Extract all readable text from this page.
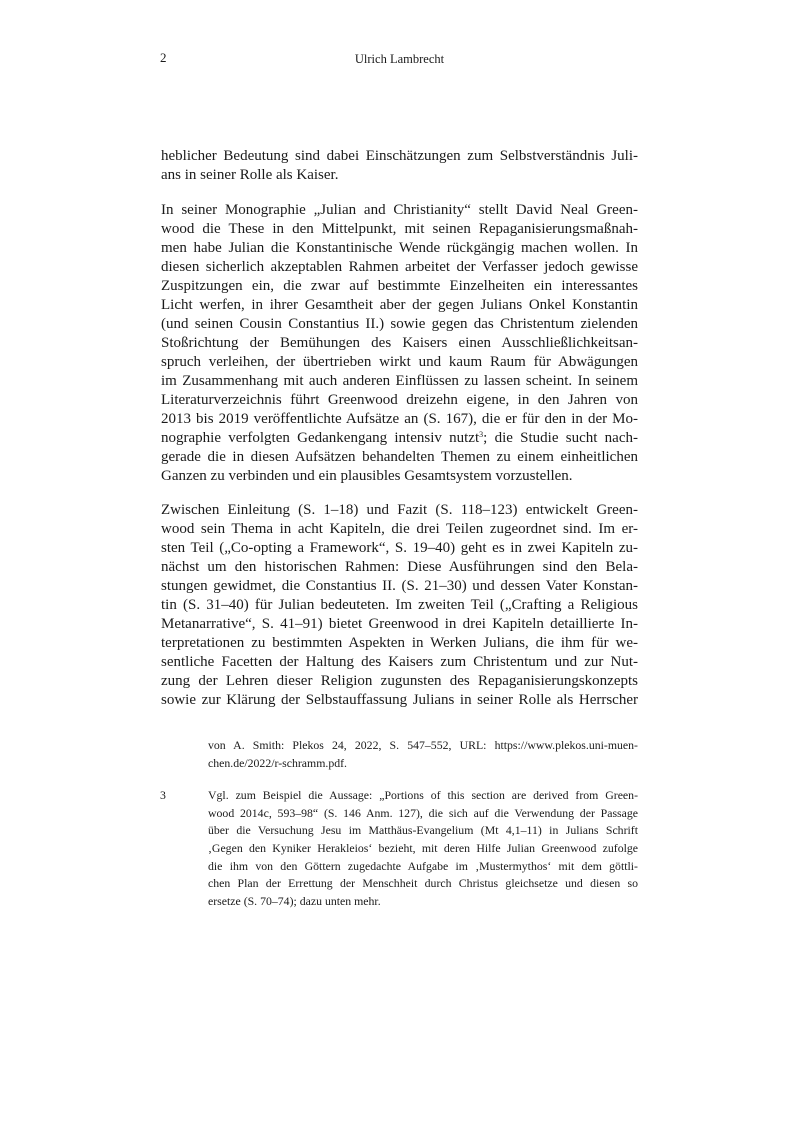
2	Ulrich Lambrecht
heblicher Bedeutung sind dabei Einschätzungen zum Selbstverständnis Juli-
ans in seiner Rolle als Kaiser.
In seiner Monographie „Julian and Christianity“ stellt David Neal Green-
wood die These in den Mittelpunkt, mit seinen Repaganisierungsmaßnah-
men habe Julian die Konstantinische Wende rückgängig machen wollen. In
diesen sicherlich akzeptablen Rahmen arbeitet der Verfasser jedoch gewisse
Zuspitzungen ein, die zwar auf bestimmte Einzelheiten ein interessantes
Licht werfen, in ihrer Gesamtheit aber der gegen Julians Onkel Konstantin
(und seinen Cousin Constantius II.) sowie gegen das Christentum zielenden
Stoßrichtung der Bemühungen des Kaisers einen Ausschließlichkeitsan-
spruch verleihen, der übertrieben wirkt und kaum Raum für Abwägungen
im Zusammenhang mit auch anderen Einflüssen zu lassen scheint. In seinem
Literaturverzeichnis führt Greenwood dreizehn eigene, in den Jahren von
2013 bis 2019 veröffentlichte Aufsätze an (S. 167), die er für den in der Mo-
nographie verfolgten Gedankengang intensiv nutzt$^3$; die Studie sucht nach-
gerade die in diesen Aufsätzen behandelten Themen zu einem einheitlichen
Ganzen zu verbinden und ein plausibles Gesamtsystem vorzustellen.
Zwischen Einleitung (S. 1–18) und Fazit (S. 118–123) entwickelt Green-
wood sein Thema in acht Kapiteln, die drei Teilen zugeordnet sind. Im er-
sten Teil („Co-opting a Framework“, S. 19–40) geht es in zwei Kapiteln zu-
nächst um den historischen Rahmen: Diese Ausführungen sind den Bela-
stungen gewidmet, die Constantius II. (S. 21–30) und dessen Vater Konstan-
tin (S. 31–40) für Julian bedeuteten. Im zweiten Teil („Crafting a Religious
Metanarrative“, S. 41–91) bietet Greenwood in drei Kapiteln detaillierte In-
terpretationen zu bestimmten Aspekten in Werken Julians, die ihm für we-
sentliche Facetten der Haltung des Kaisers zum Christentum und zur Nut-
zung der Lehren dieser Religion zugunsten des Repaganisierungskonzepts
sowie zur Klärung der Selbstauffassung Julians in seiner Rolle als Herrscher
von A. Smith: Plekos 24, 2022, S. 547–552, URL: https://www.plekos.uni-muen-
chen.de/2022/r-schramm.pdf.
3	Vgl. zum Beispiel die Aussage: „Portions of this section are derived from Green-
wood 2014c, 593–98“ (S. 146 Anm. 127), die sich auf die Verwendung der Passage
über die Versuchung Jesu im Matthäus-Evangelium (Mt 4,1–11) in Julians Schrift
‚Gegen den Kyniker Herakleios‘ bezieht, mit deren Hilfe Julian Greenwood zufolge
die ihm von den Göttern zugedachte Aufgabe im ‚Mustermythos‘ mit dem göttli-
chen Plan der Errettung der Menschheit durch Christus gleichsetze und diesen so
ersetze (S. 70–74); dazu unten mehr.
